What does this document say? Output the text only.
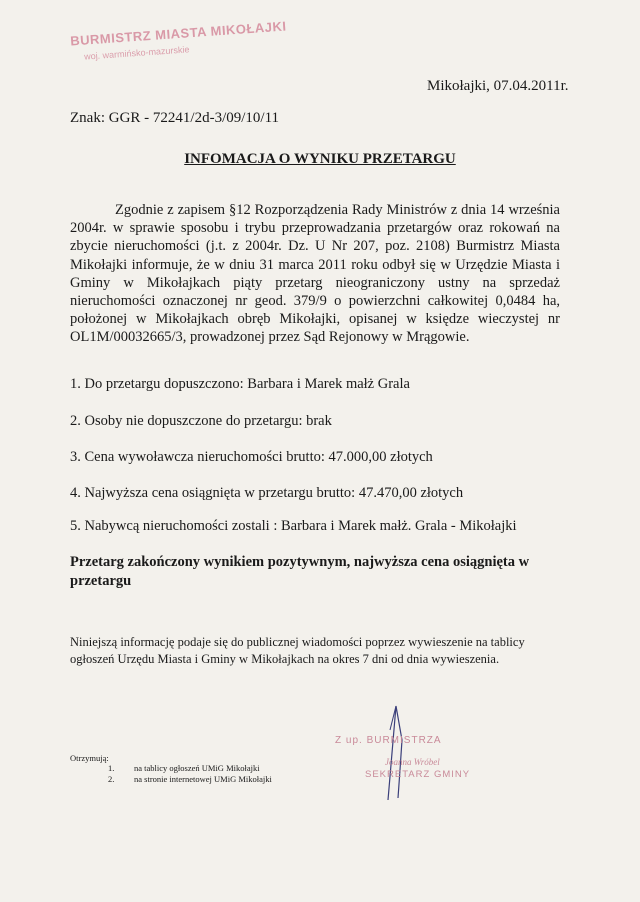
BURMISTRZ MIASTA MIKOŁAJKI
woj. warmińsko-mazurskie
Mikołajki, 07.04.2011r.
Znak: GGR - 72241/2d-3/09/10/11
INFOMACJA O WYNIKU PRZETARGU
Zgodnie z zapisem §12 Rozporządzenia Rady Ministrów z dnia 14 września 2004r. w sprawie sposobu i trybu przeprowadzania przetargów oraz rokowań na zbycie nieruchomości (j.t. z 2004r. Dz. U Nr 207, poz. 2108) Burmistrz Miasta Mikołajki informuje, że w dniu 31 marca 2011 roku odbył się w Urzędzie Miasta i Gminy w Mikołajkach piąty przetarg nieograniczony ustny na sprzedaż nieruchomości oznaczonej nr geod. 379/9 o powierzchni całkowitej 0,0484 ha, położonej w Mikołajkach obręb Mikołajki, opisanej w księdze wieczystej nr OL1M/00032665/3, prowadzonej przez Sąd Rejonowy w Mrągowie.
1. Do przetargu dopuszczono: Barbara i Marek małż Grala
2. Osoby nie dopuszczone do przetargu: brak
3. Cena wywoławcza nieruchomości brutto: 47.000,00 złotych
4. Najwyższa cena osiągnięta w przetargu brutto: 47.470,00 złotych
5. Nabywcą nieruchomości zostali : Barbara i Marek małż. Grala - Mikołajki
Przetarg zakończony wynikiem pozytywnym, najwyższa cena osiągnięta w przetargu
Niniejszą informację podaje się do publicznej wiadomości poprzez wywieszenie na tablicy ogłoszeń Urzędu Miasta i Gminy w Mikołajkach na okres 7 dni od dnia wywieszenia.
Z up. BURMISTRZA
Joanna Wróbel
SEKRETARZ GMINY
Otrzymują:
1. na tablicy ogłoszeń UMiG Mikołajki
2. na stronie internetowej UMiG Mikołajki
